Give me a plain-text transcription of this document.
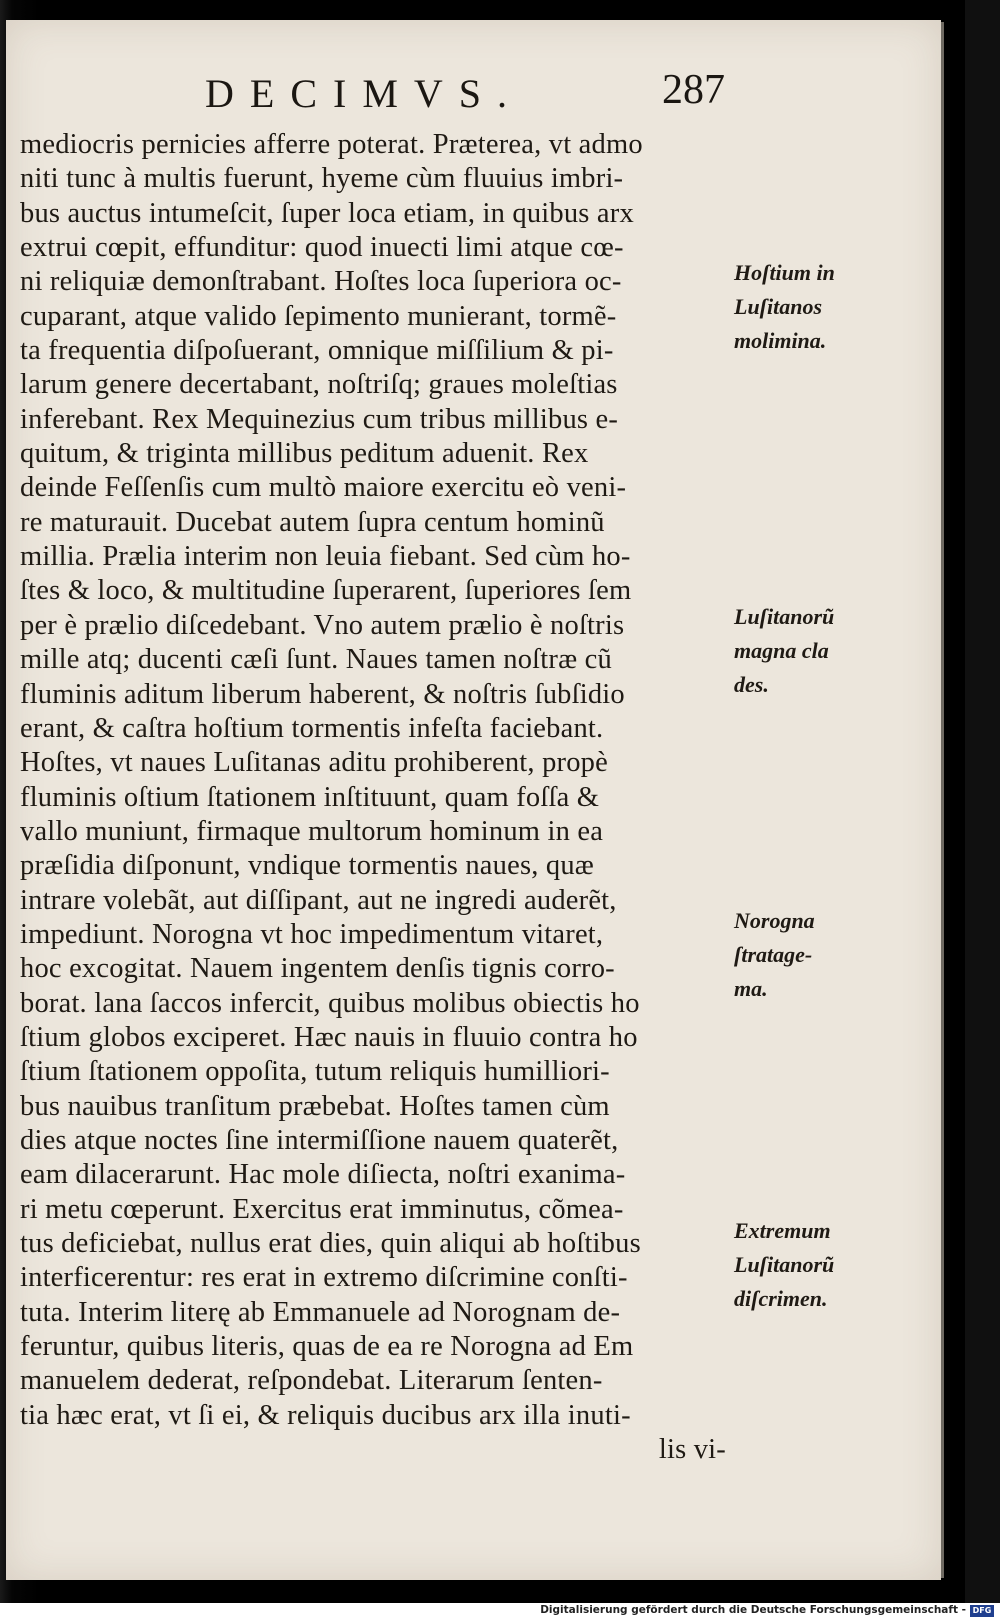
DECIMVS.	287
mediocris pernicies afferre poterat. Præterea, vt admo
niti tunc à multis fuerunt, hyeme cùm fluuius imbri-
bus auctus intumeſcit, ſuper loca etiam, in quibus arx
extrui cœpit, effunditur: quod inuecti limi atque cœ-
ni reliquiæ demonſtrabant. Hoſtes loca ſuperiora oc-
cuparant, atque valido ſepimento munierant, tormẽ-
ta frequentia diſpoſuerant, omnique miſſilium & pi-
larum genere decertabant, noſtriſq; graues moleſtias
inferebant. Rex Mequinezius cum tribus millibus e-
quitum, & triginta millibus peditum aduenit. Rex
deinde Feſſenſis cum multò maiore exercitu eò veni-
re maturauit. Ducebat autem ſupra centum hominũ
millia. Prælia interim non leuia fiebant. Sed cùm ho-
ſtes & loco, & multitudine ſuperarent, ſuperiores ſem
per è prælio diſcedebant. Vno autem prælio è noſtris
mille atq; ducenti cæſi ſunt. Naues tamen noſtræ cũ
fluminis aditum liberum haberent, & noſtris ſubſidio
erant, & caſtra hoſtium tormentis infeſta faciebant.
Hoſtes, vt naues Luſitanas aditu prohiberent, propè
fluminis oſtium ſtationem inſtituunt, quam foſſa &
vallo muniunt, firmaque multorum hominum in ea
præſidia diſponunt, vndique tormentis naues, quæ
intrare volebãt, aut diſſipant, aut ne ingredi auderẽt,
impediunt. Norogna vt hoc impedimentum vitaret,
hoc excogitat. Nauem ingentem denſis tignis corro-
borat. lana ſaccos infercit, quibus molibus obiectis ho
ſtium globos exciperet. Hæc nauis in fluuio contra ho
ſtium ſtationem oppoſita, tutum reliquis humilliori-
bus nauibus tranſitum præbebat. Hoſtes tamen cùm
dies atque noctes ſine intermiſſione nauem quaterẽt,
eam dilacerarunt. Hac mole diſiecta, noſtri exanima-
ri metu cœperunt. Exercitus erat imminutus, cõmea-
tus deficiebat, nullus erat dies, quin aliqui ab hoſtibus
interficerentur: res erat in extremo diſcrimine conſti-
tuta. Interim literę ab Emmanuele ad Norognam de-
feruntur, quibus literis, quas de ea re Norogna ad Em
manuelem dederat, reſpondebat. Literarum ſenten-
tia hæc erat, vt ſi ei, & reliquis ducibus arx illa inuti-
lis vi-
Hoſtium in
Luſitanos
molimina.
Luſitanorũ
magna cla
des.
Norogna
ſtratage-
ma.
Extremum
Luſitanorũ
diſcrimen.
Digitalisierung gefördert durch die Deutsche Forschungsgemeinschaft - DFG
